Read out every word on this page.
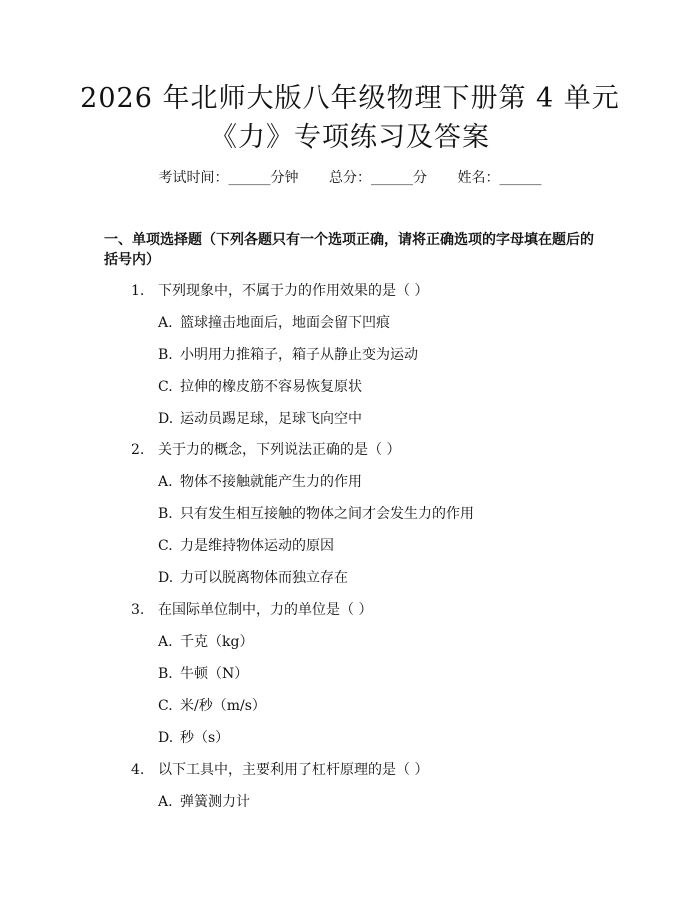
2026 年北师大版八年级物理下册第 4 单元
《力》专项练习及答案
考试时间：______分钟 总分：______分 姓名：______
一、单项选择题（下列各题只有一个选项正确，请将正确选项的字母填在题后的
括号内）
1. 下列现象中，不属于力的作用效果的是（ ）
A. 篮球撞击地面后，地面会留下凹痕
B. 小明用力推箱子，箱子从静止变为运动
C. 拉伸的橡皮筋不容易恢复原状
D. 运动员踢足球，足球飞向空中
2. 关于力的概念，下列说法正确的是（ ）
A. 物体不接触就能产生力的作用
B. 只有发生相互接触的物体之间才会发生力的作用
C. 力是维持物体运动的原因
D. 力可以脱离物体而独立存在
3. 在国际单位制中，力的单位是（ ）
A. 千克（kg）
B. 牛顿（N）
C. 米/秒（m/s）
D. 秒（s）
4. 以下工具中，主要利用了杠杆原理的是（ ）
A. 弹簧测力计
